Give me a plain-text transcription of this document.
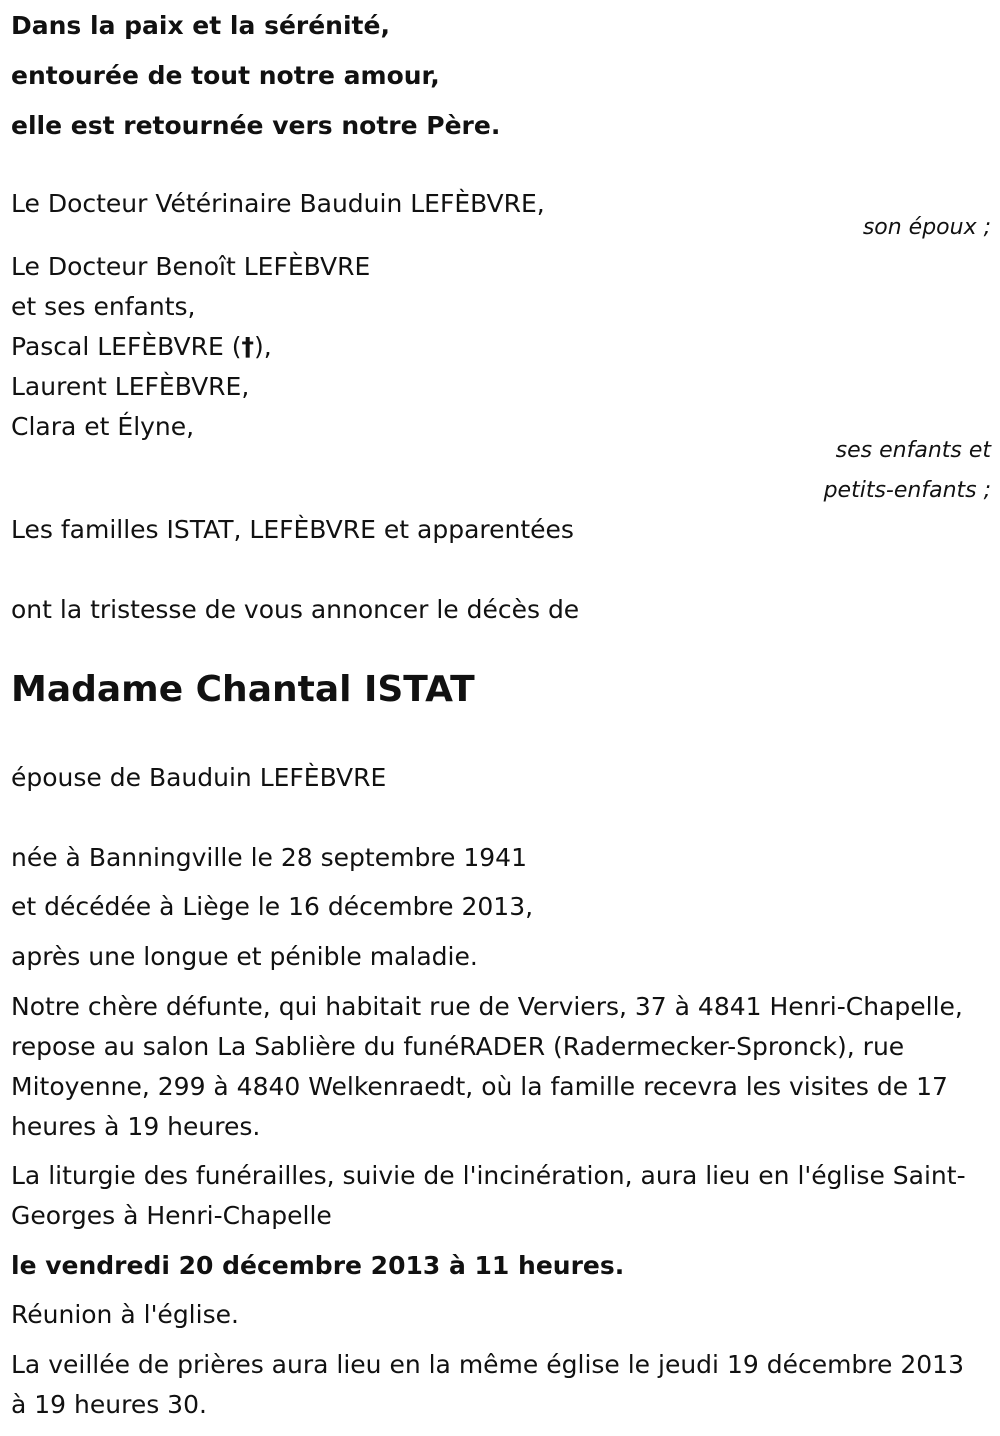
Dans la paix et la sérénité,
entourée de tout notre amour,
elle est retournée vers notre Père.
Le Docteur Vétérinaire Bauduin LEFÈBVRE,
son époux ;
Le Docteur Benoît LEFÈBVRE
et ses enfants,
Pascal LEFÈBVRE (†),
Laurent LEFÈBVRE,
Clara et Élyne,
ses enfants et
petits-enfants ;
Les familles ISTAT, LEFÈBVRE et apparentées
ont la tristesse de vous annoncer le décès de
Madame Chantal ISTAT
épouse de Bauduin LEFÈBVRE
née à Banningville le 28 septembre 1941
et décédée à Liège le 16 décembre 2013,
après une longue et pénible maladie.
Notre chère défunte, qui habitait rue de Verviers, 37 à 4841 Henri-Chapelle, repose au salon La Sablière du funéRADER (Radermecker-Spronck), rue Mitoyenne, 299 à 4840 Welkenraedt, où la famille recevra les visites de 17 heures à 19 heures.
La liturgie des funérailles, suivie de l'incinération, aura lieu en l'église Saint-Georges à Henri-Chapelle
le vendredi 20 décembre 2013 à 11 heures.
Réunion à l'église.
La veillée de prières aura lieu en la même église le jeudi 19 décembre 2013 à 19 heures 30.
